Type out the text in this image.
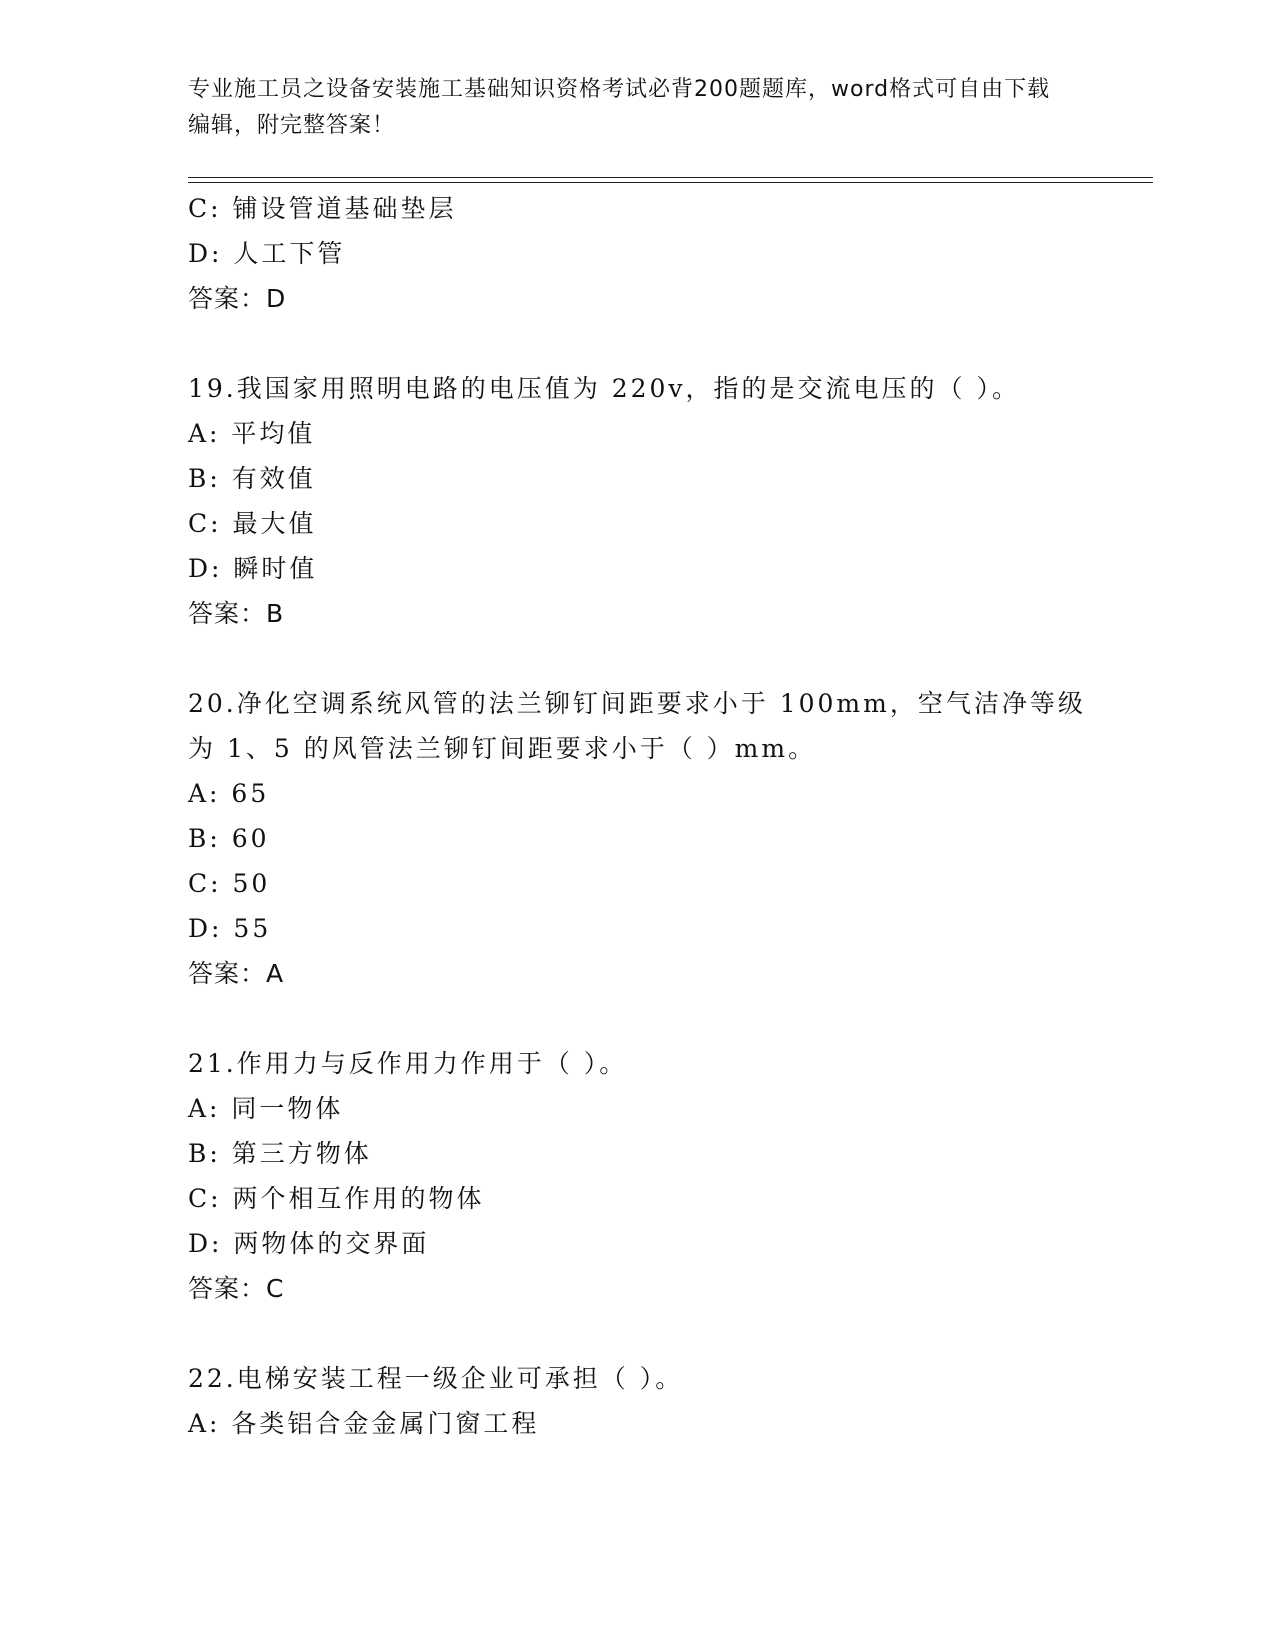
专业施工员之设备安装施工基础知识资格考试必背200题题库，word格式可自由下载编辑，附完整答案！
C: 铺设管道基础垫层
D: 人工下管
答案：D
19.我国家用照明电路的电压值为 220v，指的是交流电压的（ ）。
A: 平均值
B: 有效值
C: 最大值
D: 瞬时值
答案：B
20.净化空调系统风管的法兰铆钉间距要求小于 100mm，空气洁净等级
为 1、5 的风管法兰铆钉间距要求小于（ ）mm。
A: 65
B: 60
C: 50
D: 55
答案：A
21.作用力与反作用力作用于（ ）。
A: 同一物体
B: 第三方物体
C: 两个相互作用的物体
D: 两物体的交界面
答案：C
22.电梯安装工程一级企业可承担（ ）。
A: 各类铝合金金属门窗工程
